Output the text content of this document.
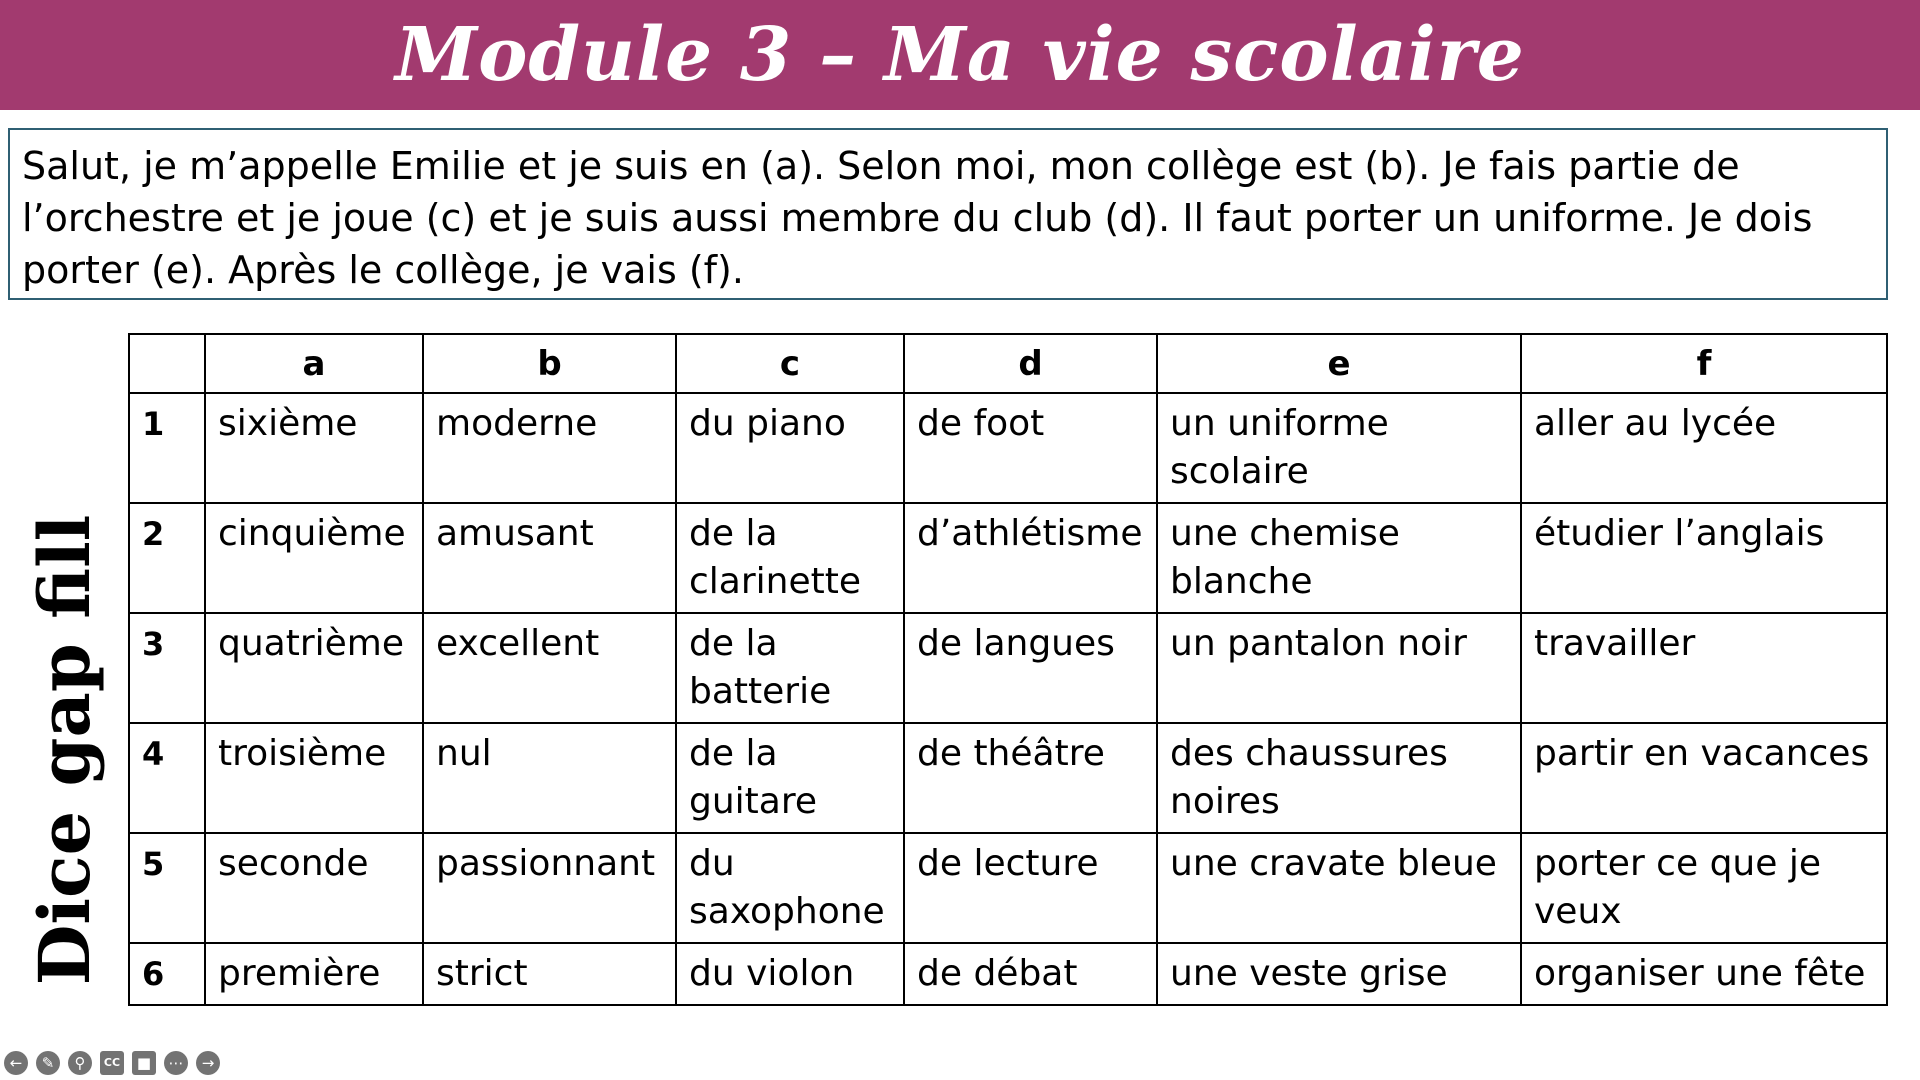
Module 3 – Ma vie scolaire
Salut, je m’appelle Emilie et je suis en (a). Selon moi, mon collège est (b). Je fais partie de l’orchestre et je joue (c) et je suis aussi membre du club (d). Il faut porter un uniforme. Je dois porter (e). Après le collège, je vais (f).
Dice gap fill
	a	b	c	d	e	f
1	sixième	moderne	du piano	de foot	un uniforme scolaire	aller au lycée
2	cinquième	amusant	de la clarinette	d’athlétisme	une chemise blanche	étudier l’anglais
3	quatrième	excellent	de la batterie	de langues	un pantalon noir	travailler
4	troisième	nul	de la guitare	de théâtre	des chaussures noires	partir en vacances
5	seconde	passionnant	du saxophone	de lecture	une cravate bleue	porter ce que je veux
6	première	strict	du violon	de débat	une veste grise	organiser une fête
←	✎	⚲	CC	■	⋯	→
